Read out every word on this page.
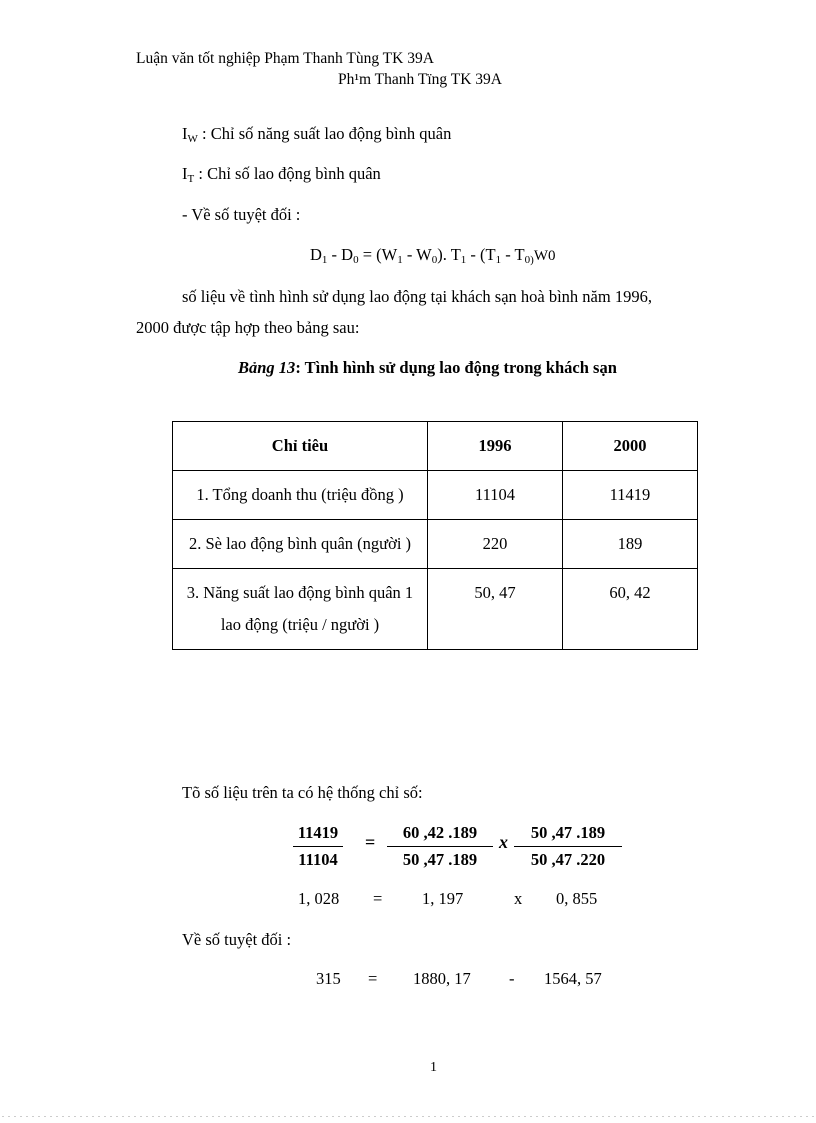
Luận văn tốt nghiệp Phạm Thanh Tùng TK 39A
Ph¹m Thanh Tïng TK 39A
$I_W$ : Chỉ số năng suất lao động bình quân
$I_T$ : Chỉ số lao động bình quân
- Về số tuyệt đối :
$D_1 - D_0 = (W_1 - W_0)$. $T_1 - (T_1 - T_{0)}W0$
số liệu về tình hình sử dụng lao động tại khách sạn hoà bình năm 1996,
2000 được tập hợp theo bảng sau:
Bảng 13: Tình hình sử dụng lao động trong khách sạn
Chỉ tiêu	1996	2000
1. Tổng doanh thu (triệu đồng )	11104	11419
2. Sè lao động bình quân (người )	220	189
3. Năng suất lao động bình quân 1 lao động (triệu / người )	50, 47	60, 42
Tõ số liệu trên ta có hệ thống chỉ số:
11419
11104
=	60 ,42 .189
50 ,47 .189
x	50 ,47 .189
50 ,47 .220
1, 028 = 1, 197	x 0, 855
Về số tuyệt đối :
315 = 1880, 17 - 1564, 57
1
